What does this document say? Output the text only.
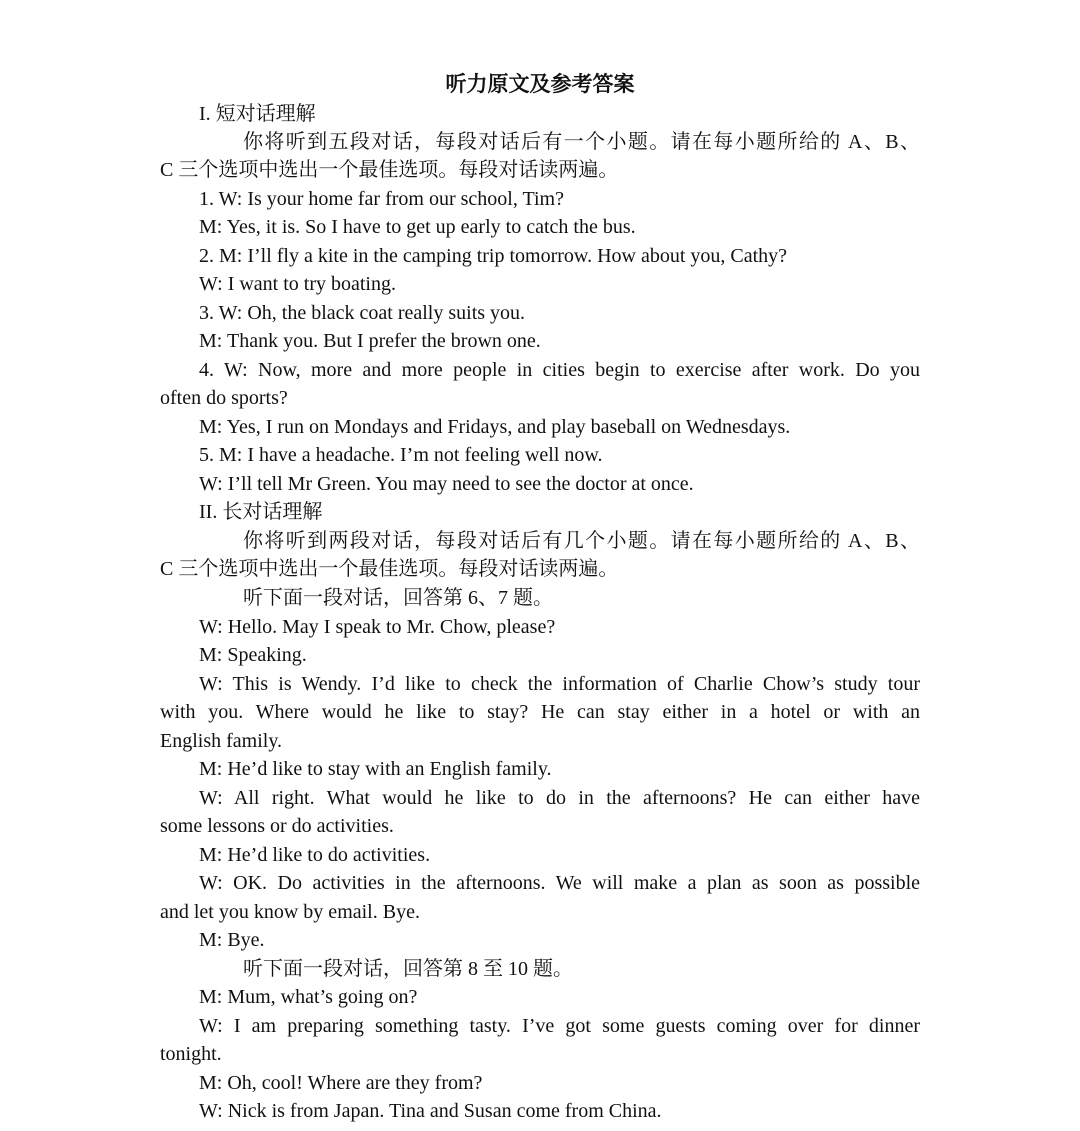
听力原文及参考答案
I. 短对话理解
你将听到五段对话，每段对话后有一个小题。请在每小题所给的 A、B、
C 三个选项中选出一个最佳选项。每段对话读两遍。
1. W: Is your home far from our school, Tim?
M: Yes, it is. So I have to get up early to catch the bus.
2. M: I’ll fly a kite in the camping trip tomorrow. How about you, Cathy?
W: I want to try boating.
3. W: Oh, the black coat really suits you.
M: Thank you. But I prefer the brown one.
4. W: Now, more and more people in cities begin to exercise after work. Do you
often do sports?
M: Yes, I run on Mondays and Fridays, and play baseball on Wednesdays.
5. M: I have a headache. I’m not feeling well now.
W: I’ll tell Mr Green. You may need to see the doctor at once.
II. 长对话理解
你将听到两段对话，每段对话后有几个小题。请在每小题所给的 A、B、
C 三个选项中选出一个最佳选项。每段对话读两遍。
听下面一段对话，回答第 6、7 题。
W: Hello. May I speak to Mr. Chow, please?
M: Speaking.
W: This is Wendy. I’d like to check the information of Charlie Chow’s study tour
with you. Where would he like to stay? He can stay either in a hotel or with an
English family.
M: He’d like to stay with an English family.
W: All right. What would he like to do in the afternoons? He can either have
some lessons or do activities.
M: He’d like to do activities.
W: OK. Do activities in the afternoons. We will make a plan as soon as possible
and let you know by email. Bye.
M: Bye.
听下面一段对话，回答第 8 至 10 题。
M: Mum, what’s going on?
W: I am preparing something tasty. I’ve got some guests coming over for dinner
tonight.
M: Oh, cool! Where are they from?
W: Nick is from Japan. Tina and Susan come from China.
